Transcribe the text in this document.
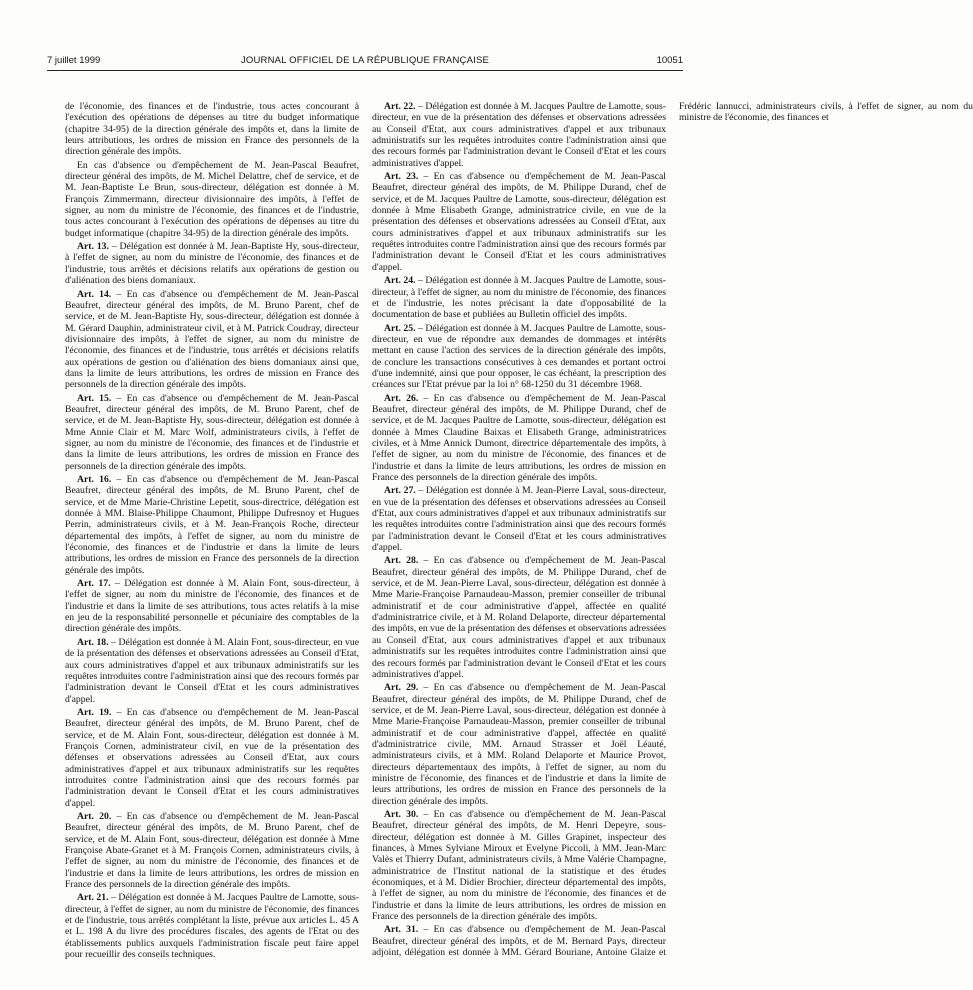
7 juillet 1999	JOURNAL OFFICIEL DE LA RÉPUBLIQUE FRANÇAISE	10051

de l'économie, des finances et de l'industrie, tous actes concourant à l'exécution des opérations de dépenses au titre du budget informatique (chapitre 34-95) de la direction générale des impôts et, dans la limite de leurs attributions, les ordres de mission en France des personnels de la direction générale des impôts.

En cas d'absence ou d'empêchement de M. Jean-Pascal Beaufret, directeur général des impôts, de M. Michel Delattre, chef de service, et de M. Jean-Baptiste Le Brun, sous-directeur, délégation est donnée à M. François Zimmermann, directeur divisionnaire des impôts, à l'effet de signer, au nom du ministre de l'économie, des finances et de l'industrie, tous actes concourant à l'exécution des opérations de dépenses au titre du budget informatique (chapitre 34-95) de la direction générale des impôts.

Art. 13. – Délégation est donnée à M. Jean-Baptiste Hy, sous-directeur, à l'effet de signer, au nom du ministre de l'économie, des finances et de l'industrie, tous arrêtés et décisions relatifs aux opérations de gestion ou d'aliénation des biens domaniaux.

Art. 14. – En cas d'absence ou d'empêchement de M. Jean-Pascal Beaufret, directeur général des impôts, de M. Bruno Parent, chef de service, et de M. Jean-Baptiste Hy, sous-directeur, délégation est donnée à M. Gérard Dauphin, administrateur civil, et à M. Patrick Coudray, directeur divisionnaire des impôts, à l'effet de signer, au nom du ministre de l'économie, des finances et de l'industrie, tous arrêtés et décisions relatifs aux opérations de gestion ou d'aliénation des biens domaniaux ainsi que, dans la limite de leurs attributions, les ordres de mission en France des personnels de la direction générale des impôts.

Art. 15. – En cas d'absence ou d'empêchement de M. Jean-Pascal Beaufret, directeur général des impôts, de M. Bruno Parent, chef de service, et de M. Jean-Baptiste Hy, sous-directeur, délégation est donnée à Mme Annie Clair et M. Marc Wolf, administrateurs civils, à l'effet de signer, au nom du ministre de l'économie, des finances et de l'industrie et dans la limite de leurs attributions, les ordres de mission en France des personnels de la direction générale des impôts.

Art. 16. – En cas d'absence ou d'empêchement de M. Jean-Pascal Beaufret, directeur général des impôts, de M. Bruno Parent, chef de service, et de Mme Marie-Christine Lepetit, sous-directrice, délégation est donnée à MM. Blaise-Philippe Chaumont, Philippe Dufresnoy et Hugues Perrin, administrateurs civils, et à M. Jean-François Roche, directeur départemental des impôts, à l'effet de signer, au nom du ministre de l'économie, des finances et de l'industrie et dans la limite de leurs attributions, les ordres de mission en France des personnels de la direction générale des impôts.

Art. 17. – Délégation est donnée à M. Alain Font, sous-directeur, à l'effet de signer, au nom du ministre de l'économie, des finances et de l'industrie et dans la limite de ses attributions, tous actes relatifs à la mise en jeu de la responsabilité personnelle et pécuniaire des comptables de la direction générale des impôts.

Art. 18. – Délégation est donnée à M. Alain Font, sous-directeur, en vue de la présentation des défenses et observations adressées au Conseil d'Etat, aux cours administratives d'appel et aux tribunaux administratifs sur les requêtes introduites contre l'administration ainsi que des recours formés par l'administration devant le Conseil d'Etat et les cours administratives d'appel.

Art. 19. – En cas d'absence ou d'empêchement de M. Jean-Pascal Beaufret, directeur général des impôts, de M. Bruno Parent, chef de service, et de M. Alain Font, sous-directeur, délégation est donnée à M. François Cornen, administrateur civil, en vue de la présentation des défenses et observations adressées au Conseil d'Etat, aux cours administratives d'appel et aux tribunaux administratifs sur les requêtes introduites contre l'administration ainsi que des recours formés par l'administration devant le Conseil d'Etat et les cours administratives d'appel.

Art. 20. – En cas d'absence ou d'empêchement de M. Jean-Pascal Beaufret, directeur général des impôts, de M. Bruno Parent, chef de service, et de M. Alain Font, sous-directeur, délégation est donnée à Mme Françoise Abate-Granet et à M. François Cornen, administrateurs civils, à l'effet de signer, au nom du ministre de l'économie, des finances et de l'industrie et dans la limite de leurs attributions, les ordres de mission en France des personnels de la direction générale des impôts.

Art. 21. – Délégation est donnée à M. Jacques Paultre de Lamotte, sous-directeur, à l'effet de signer, au nom du ministre de l'économie, des finances et de l'industrie, tous arrêtés complétant la liste, prévue aux articles L. 45 A et L. 198 A du livre des procédures fiscales, des agents de l'Etat ou des établissements publics auxquels l'administration fiscale peut faire appel pour recueillir des conseils techniques.

Art. 22. – Délégation est donnée à M. Jacques Paultre de Lamotte, sous-directeur, en vue de la présentation des défenses et observations adressées au Conseil d'Etat, aux cours administratives d'appel et aux tribunaux administratifs sur les requêtes introduites contre l'administration ainsi que des recours formés par l'administration devant le Conseil d'Etat et les cours administratives d'appel.

Art. 23. – En cas d'absence ou d'empêchement de M. Jean-Pascal Beaufret, directeur général des impôts, de M. Philippe Durand, chef de service, et de M. Jacques Paultre de Lamotte, sous-directeur, délégation est donnée à Mme Elisabeth Grange, administratrice civile, en vue de la présentation des défenses et observations adressées au Conseil d'Etat, aux cours administratives d'appel et aux tribunaux administratifs sur les requêtes introduites contre l'administration ainsi que des recours formés par l'administration devant le Conseil d'Etat et les cours administratives d'appel.

Art. 24. – Délégation est donnée à M. Jacques Paultre de Lamotte, sous-directeur, à l'effet de signer, au nom du ministre de l'économie, des finances et de l'industrie, les notes précisant la date d'opposabilité de la documentation de base et publiées au Bulletin officiel des impôts.

Art. 25. – Délégation est donnée à M. Jacques Paultre de Lamotte, sous-directeur, en vue de répondre aux demandes de dommages et intérêts mettant en cause l'action des services de la direction générale des impôts, de conclure les transactions consécutives à ces demandes et portant octroi d'une indemnité, ainsi que pour opposer, le cas échéant, la prescription des créances sur l'Etat prévue par la loi n° 68-1250 du 31 décembre 1968.

Art. 26. – En cas d'absence ou d'empêchement de M. Jean-Pascal Beaufret, directeur général des impôts, de M. Philippe Durand, chef de service, et de M. Jacques Paultre de Lamotte, sous-directeur, délégation est donnée à Mmes Claudine Baixas et Elisabeth Grange, administratrices civiles, et à Mme Annick Dumont, directrice départementale des impôts, à l'effet de signer, au nom du ministre de l'économie, des finances et de l'industrie et dans la limite de leurs attributions, les ordres de mission en France des personnels de la direction générale des impôts.

Art. 27. – Délégation est donnée à M. Jean-Pierre Laval, sous-directeur, en vue de la présentation des défenses et observations adressées au Conseil d'Etat, aux cours administratives d'appel et aux tribunaux administratifs sur les requêtes introduites contre l'administration ainsi que des recours formés par l'administration devant le Conseil d'Etat et les cours administratives d'appel.

Art. 28. – En cas d'absence ou d'empêchement de M. Jean-Pascal Beaufret, directeur général des impôts, de M. Philippe Durand, chef de service, et de M. Jean-Pierre Laval, sous-directeur, délégation est donnée à Mme Marie-Françoise Parnaudeau-Masson, premier conseiller de tribunal administratif et de cour administrative d'appel, affectée en qualité d'administratrice civile, et à M. Roland Delaporte, directeur départemental des impôts, en vue de la présentation des défenses et observations adressées au Conseil d'Etat, aux cours administratives d'appel et aux tribunaux administratifs sur les requêtes introduites contre l'administration ainsi que des recours formés par l'administration devant le Conseil d'Etat et les cours administratives d'appel.

Art. 29. – En cas d'absence ou d'empêchement de M. Jean-Pascal Beaufret, directeur général des impôts, de M. Philippe Durand, chef de service, et de M. Jean-Pierre Laval, sous-directeur, délégation est donnée à Mme Marie-Françoise Parnaudeau-Masson, premier conseiller de tribunal administratif et de cour administrative d'appel, affectée en qualité d'administratrice civile, MM. Arnaud Strasser et Joël Léauté, administrateurs civils, et à MM. Roland Delaporte et Maurice Provot, directeurs départementaux des impôts, à l'effet de signer, au nom du ministre de l'économie, des finances et de l'industrie et dans la limite de leurs attributions, les ordres de mission en France des personnels de la direction générale des impôts.

Art. 30. – En cas d'absence ou d'empêchement de M. Jean-Pascal Beaufret, directeur général des impôts, de M. Henri Depeyre, sous-directeur, délégation est donnée à M. Gilles Grapinet, inspecteur des finances, à Mmes Sylviane Miroux et Evelyne Piccoli, à MM. Jean-Marc Valès et Thierry Dufant, administrateurs civils, à Mme Valérie Champagne, administratrice de l'Institut national de la statistique et des études économiques, et à M. Didier Brochier, directeur départemental des impôts, à l'effet de signer, au nom du ministre de l'économie, des finances et de l'industrie et dans la limite de leurs attributions, les ordres de mission en France des personnels de la direction générale des impôts.

Art. 31. – En cas d'absence ou d'empêchement de M. Jean-Pascal Beaufret, directeur général des impôts, et de M. Bernard Pays, directeur adjoint, délégation est donnée à MM. Gérard Bouriane, Antoine Glaize et Frédéric Iannucci, administrateurs civils, à l'effet de signer, au nom du ministre de l'économie, des finances et
